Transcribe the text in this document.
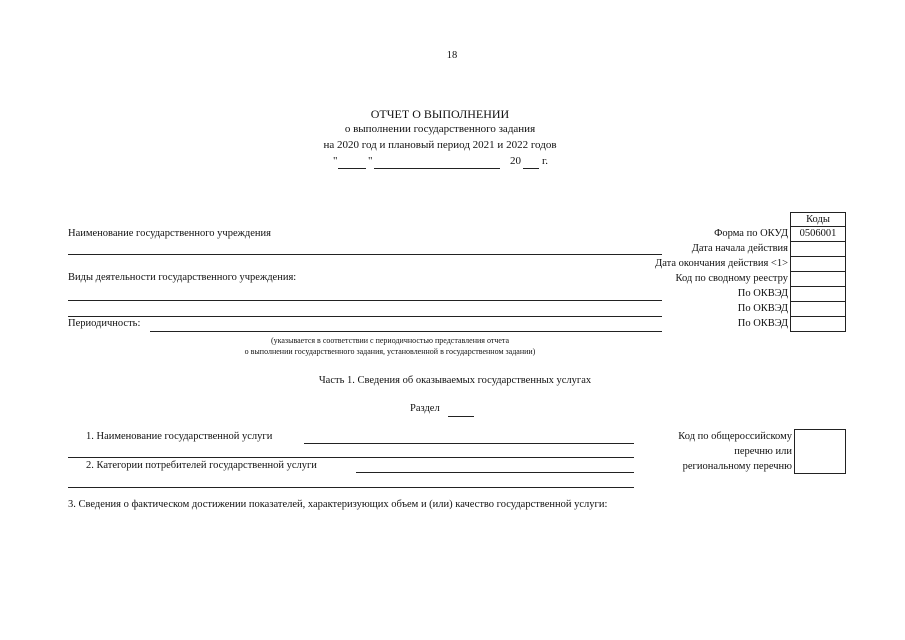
18
ОТЧЕТ О ВЫПОЛНЕНИИ
о выполнении государственного задания
на 2020 год и плановый период 2021 и 2022 годов
"	"	20 г.
Наименование государственного учреждения
Виды деятельности государственного учреждения:
Периодичность:
(указывается в соответствии с периодичностью представления отчета
о выполнении государственного задания, установленной в государственном задании)
Коды
Форма по ОКУД	0506001
Дата начала действия
Дата окончания действия <1>
Код по сводному реестру
По ОКВЭД
По ОКВЭД
По ОКВЭД
Часть 1. Сведения об оказываемых государственных услугах
Раздел
1. Наименование государственной услуги
2. Категории потребителей государственной услуги
Код по общероссийскому
перечню или
региональному перечню
3. Сведения о фактическом достижении показателей, характеризующих объем и (или) качество государственной услуги:
